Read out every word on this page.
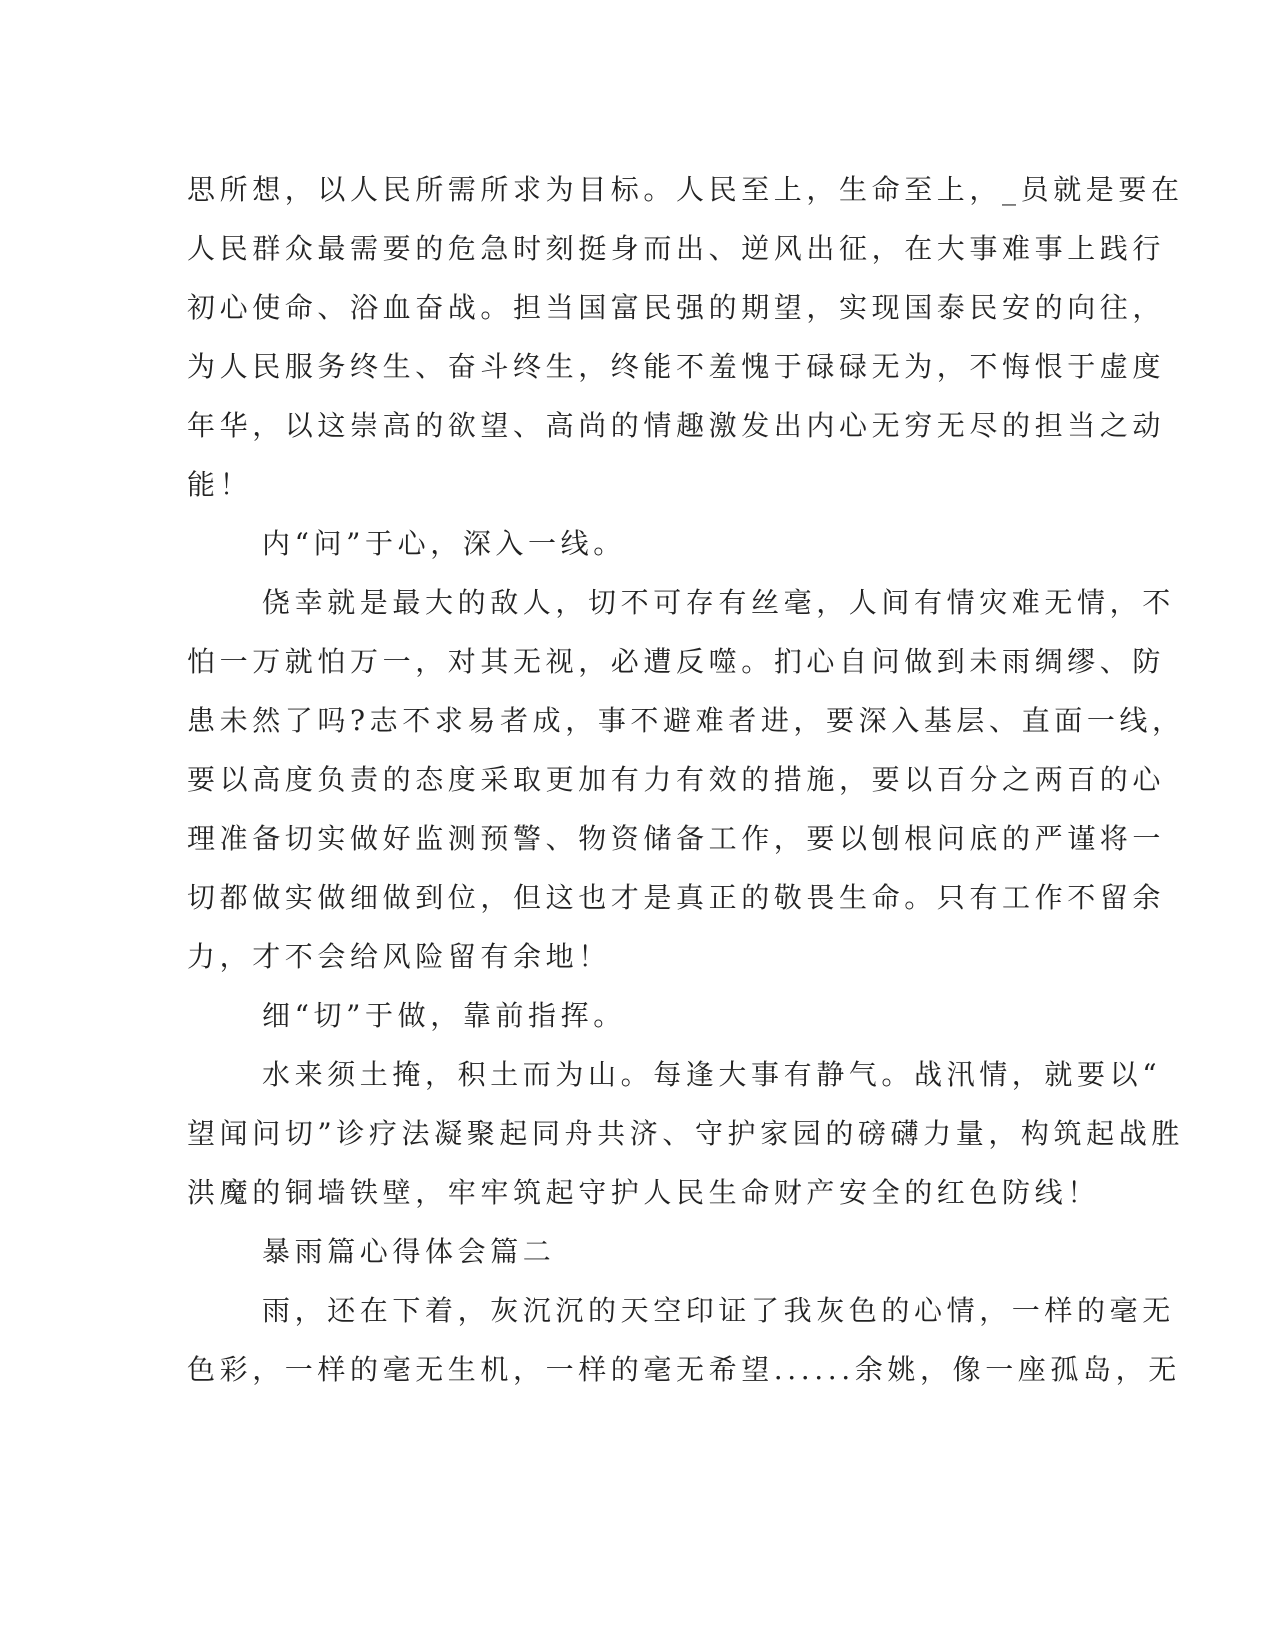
思所想，以人民所需所求为目标。人民至上，生命至上，_员就是要在
人民群众最需要的危急时刻挺身而出、逆风出征，在大事难事上践行
初心使命、浴血奋战。担当国富民强的期望，实现国泰民安的向往，
为人民服务终生、奋斗终生，终能不羞愧于碌碌无为，不悔恨于虚度
年华，以这崇高的欲望、高尚的情趣激发出内心无穷无尽的担当之动
能！
内“问”于心，深入一线。
侥幸就是最大的敌人，切不可存有丝毫，人间有情灾难无情，不
怕一万就怕万一，对其无视，必遭反噬。扪心自问做到未雨绸缪、防
患未然了吗?志不求易者成，事不避难者进，要深入基层、直面一线，
要以高度负责的态度采取更加有力有效的措施，要以百分之两百的心
理准备切实做好监测预警、物资储备工作，要以刨根问底的严谨将一
切都做实做细做到位，但这也才是真正的敬畏生命。只有工作不留余
力，才不会给风险留有余地！
细“切”于做，靠前指挥。
水来须土掩，积土而为山。每逢大事有静气。战汛情，就要以“
望闻问切”诊疗法凝聚起同舟共济、守护家园的磅礴力量，构筑起战胜
洪魔的铜墙铁壁，牢牢筑起守护人民生命财产安全的红色防线！
暴雨篇心得体会篇二
雨，还在下着，灰沉沉的天空印证了我灰色的心情，一样的毫无
色彩，一样的毫无生机，一样的毫无希望......余姚，像一座孤岛，无
